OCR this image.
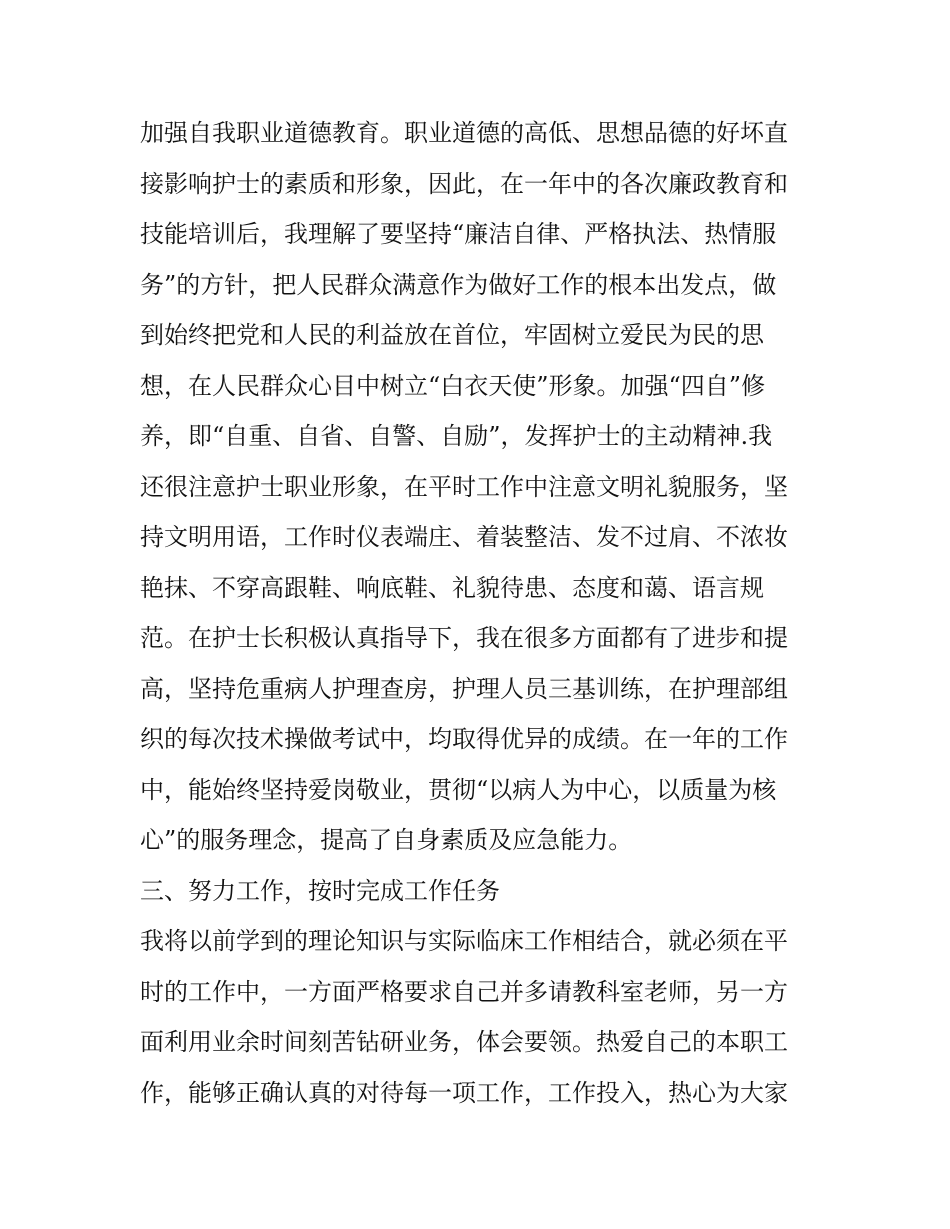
加强自我职业道德教育。职业道德的高低、思想品德的好坏直
接影响护士的素质和形象，因此，在一年中的各次廉政教育和
技能培训后，我理解了要坚持“廉洁自律、严格执法、热情服
务”的方针，把人民群众满意作为做好工作的根本出发点，做
到始终把党和人民的利益放在首位，牢固树立爱民为民的思
想，在人民群众心目中树立“白衣天使”形象。加强“四自”修
养，即“自重、自省、自警、自励”，发挥护士的主动精神.我
还很注意护士职业形象，在平时工作中注意文明礼貌服务，坚
持文明用语，工作时仪表端庄、着装整洁、发不过肩、不浓妆
艳抹、不穿高跟鞋、响底鞋、礼貌待患、态度和蔼、语言规
范。在护士长积极认真指导下，我在很多方面都有了进步和提
高，坚持危重病人护理查房，护理人员三基训练，在护理部组
织的每次技术操做考试中，均取得优异的成绩。在一年的工作
中，能始终坚持爱岗敬业，贯彻“以病人为中心，以质量为核
心”的服务理念，提高了自身素质及应急能力。
三、努力工作，按时完成工作任务
我将以前学到的理论知识与实际临床工作相结合，就必须在平
时的工作中，一方面严格要求自己并多请教科室老师，另一方
面利用业余时间刻苦钻研业务，体会要领。热爱自己的本职工
作，能够正确认真的对待每一项工作，工作投入，热心为大家
